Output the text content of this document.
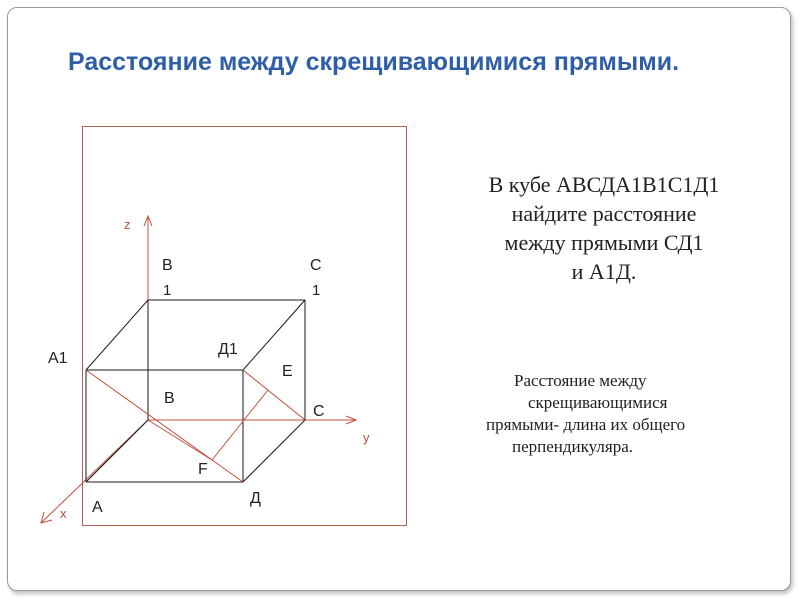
Расстояние между скрещивающимися прямыми.
z
y
x
В
1
С
1
Д1
А1
Е
В
С
F
А
Д

В кубе АВСДА1В1С1Д1
найдите расстояние
между прямыми СД1
и А1Д.

Расстояние между
скрещивающимися
прямыми- длина их общего
перпендикуляра.
